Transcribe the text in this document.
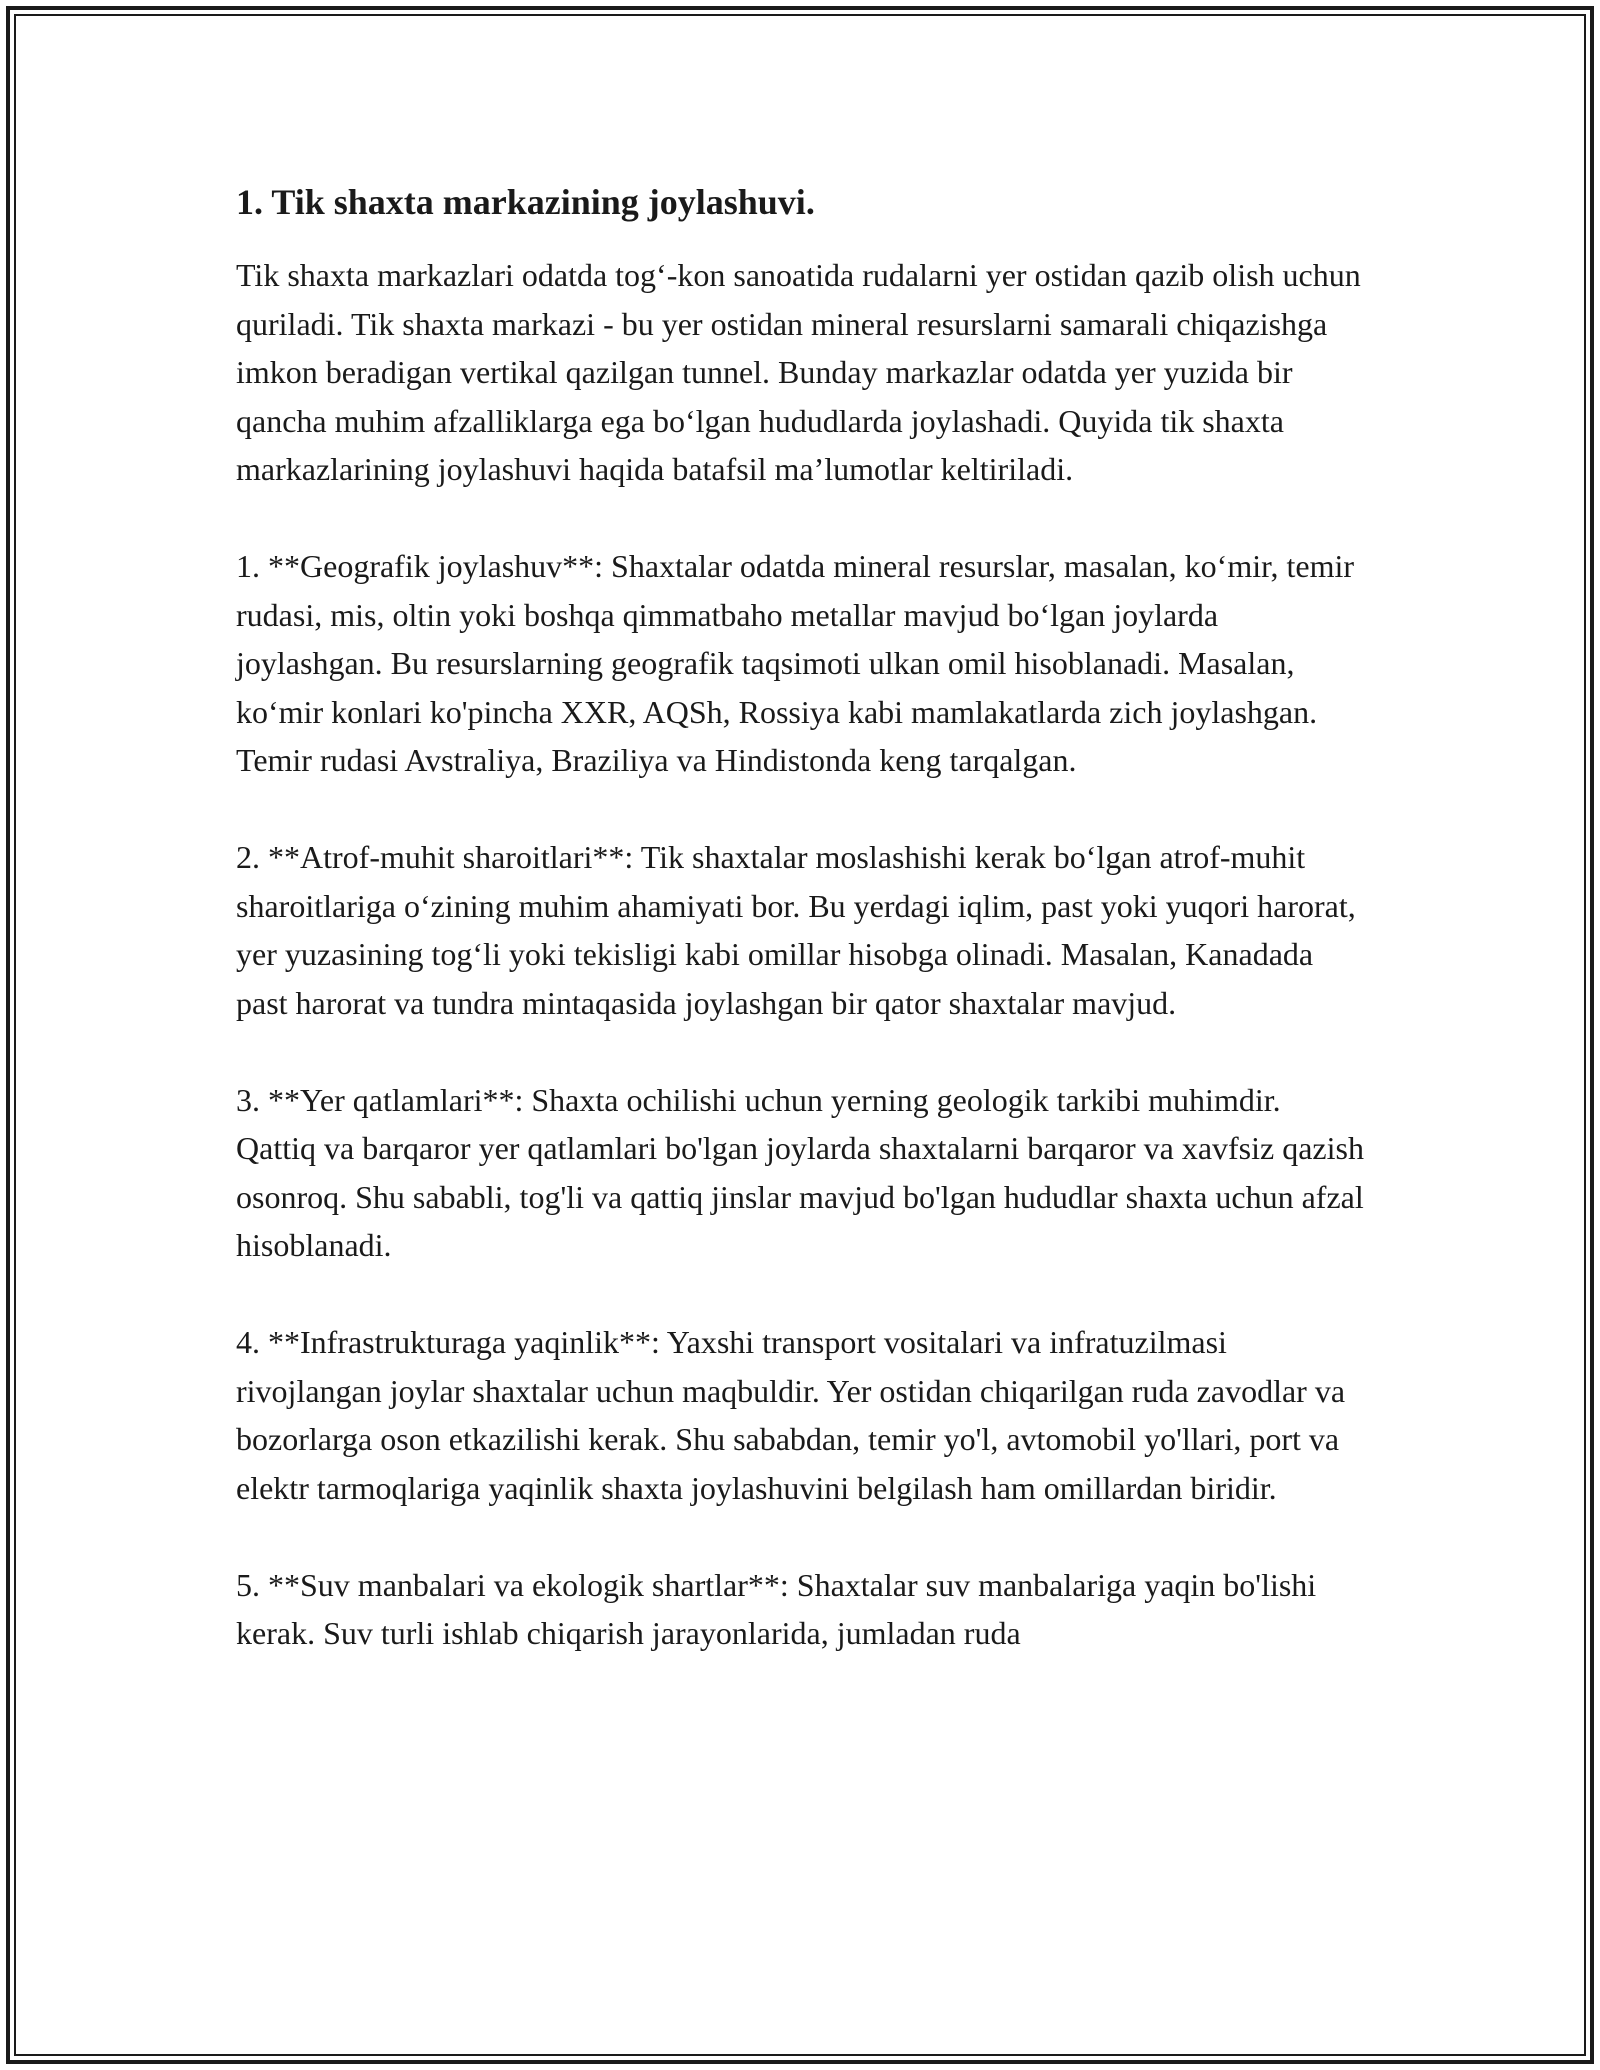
1. Tik shaxta markazining joylashuvi.

Tik shaxta markazlari odatda tog‘-kon sanoatida rudalarni yer ostidan qazib olish uchun quriladi. Tik shaxta markazi - bu yer ostidan mineral resurslarni samarali chiqazishga imkon beradigan vertikal qazilgan tunnel. Bunday markazlar odatda yer yuzida bir qancha muhim afzalliklarga ega bo‘lgan hududlarda joylashadi. Quyida tik shaxta markazlarining joylashuvi haqida batafsil ma’lumotlar keltiriladi.

1. **Geografik joylashuv**: Shaxtalar odatda mineral resurslar, masalan, ko‘mir, temir rudasi, mis, oltin yoki boshqa qimmatbaho metallar mavjud bo‘lgan joylarda joylashgan. Bu resurslarning geografik taqsimoti ulkan omil hisoblanadi. Masalan, ko‘mir konlari ko'pincha XXR, AQSh, Rossiya kabi mamlakatlarda zich joylashgan. Temir rudasi Avstraliya, Braziliya va Hindistonda keng tarqalgan.

2. **Atrof-muhit sharoitlari**: Tik shaxtalar moslashishi kerak bo‘lgan atrof-muhit sharoitlariga o‘zining muhim ahamiyati bor. Bu yerdagi iqlim, past yoki yuqori harorat, yer yuzasining tog‘li yoki tekisligi kabi omillar hisobga olinadi. Masalan, Kanadada past harorat va tundra mintaqasida joylashgan bir qator shaxtalar mavjud.

3. **Yer qatlamlari**: Shaxta ochilishi uchun yerning geologik tarkibi muhimdir. Qattiq va barqaror yer qatlamlari bo'lgan joylarda shaxtalarni barqaror va xavfsiz qazish osonroq. Shu sababli, tog'li va qattiq jinslar mavjud bo'lgan hududlar shaxta uchun afzal hisoblanadi.

4. **Infrastrukturaga yaqinlik**: Yaxshi transport vositalari va infratuzilmasi rivojlangan joylar shaxtalar uchun maqbuldir. Yer ostidan chiqarilgan ruda zavodlar va bozorlarga oson etkazilishi kerak. Shu sababdan, temir yo'l, avtomobil yo'llari, port va elektr tarmoqlariga yaqinlik shaxta joylashuvini belgilash ham omillardan biridir.

5. **Suv manbalari va ekologik shartlar**: Shaxtalar suv manbalariga yaqin bo'lishi kerak. Suv turli ishlab chiqarish jarayonlarida, jumladan ruda
